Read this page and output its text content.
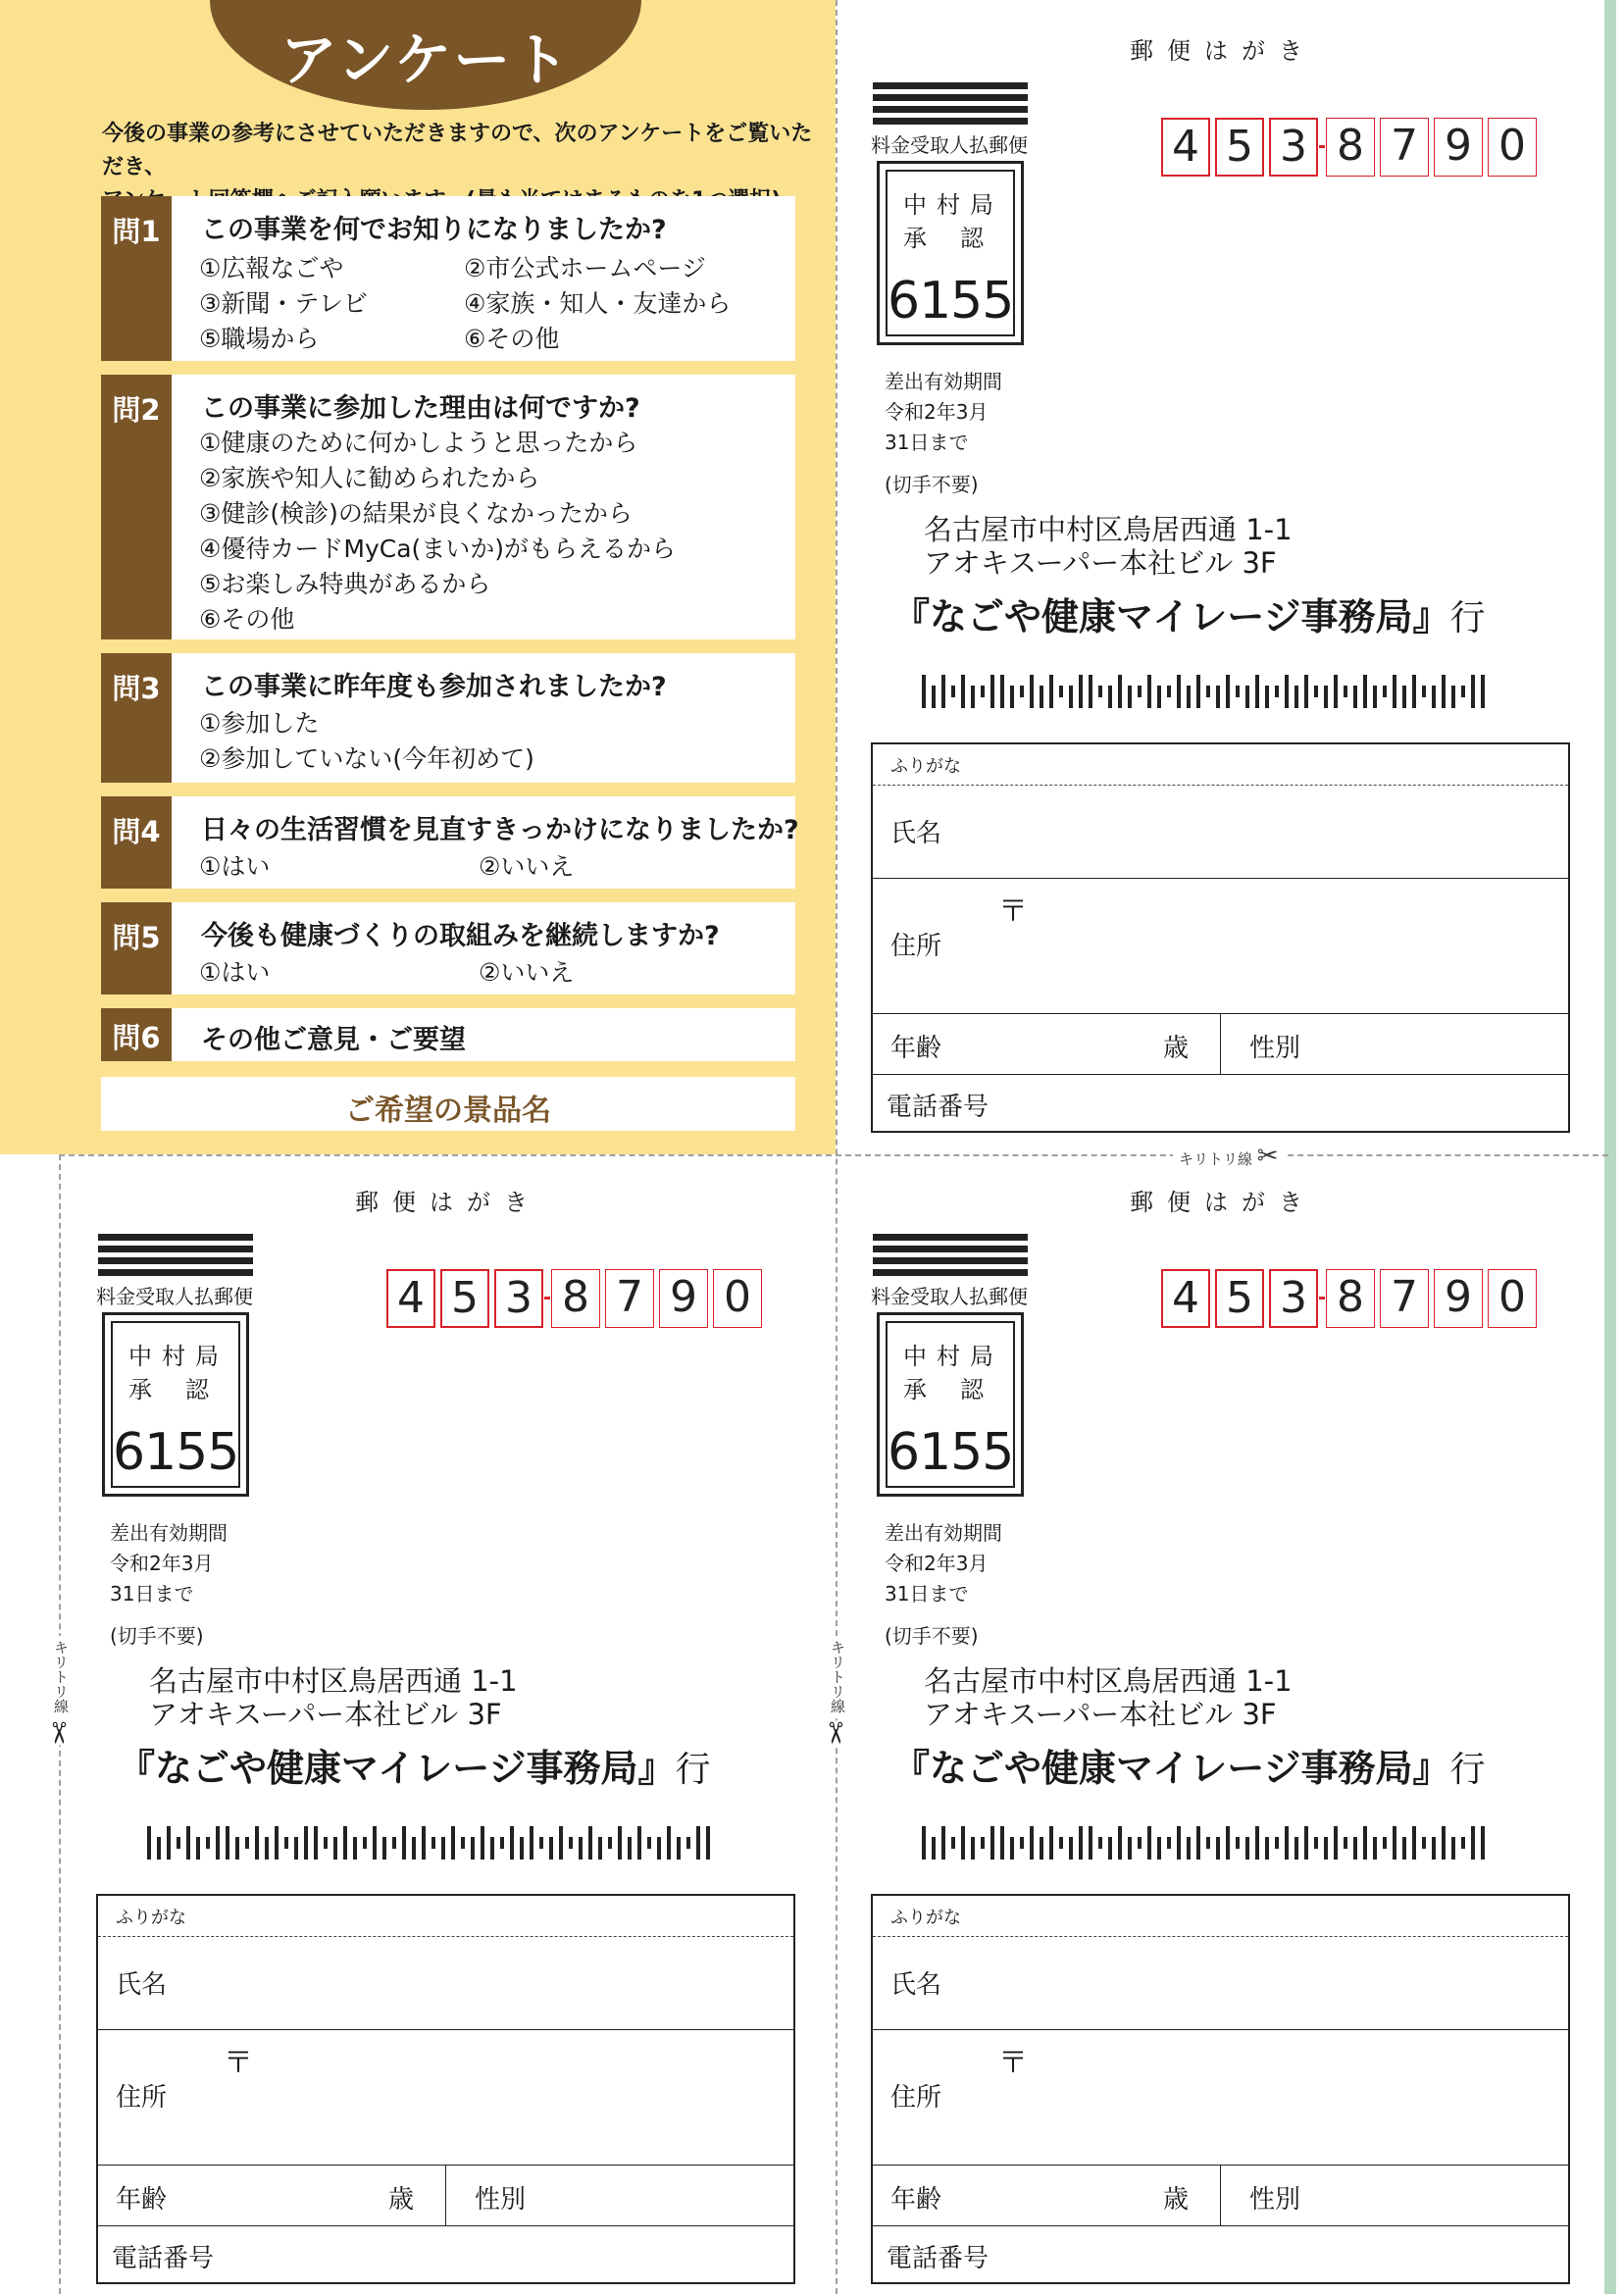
アンケート
今後の事業の参考にさせていただきますので、次のアンケートをご覧いただき、
問1	この事業を何でお知りになりましたか?
①広報なごや	②市公式ホームページ
③新聞・テレビ	④家族・知人・友達から
⑤職場から	⑥その他
問2	この事業に参加した理由は何ですか?
①健康のために何かしようと思ったから
②家族や知人に勧められたから
③健診(検診)の結果が良くなかったから
④優待カードMyCa(まいか)がもらえるから
⑤お楽しみ特典があるから
⑥その他
問3	この事業に昨年度も参加されましたか?
①参加した
②参加していない(今年初めて)
問4	日々の生活習慣を見直すきっかけになりましたか?
①はい	②いいえ
問5	今後も健康づくりの取組みを継続しますか?
①はい	②いいえ
問6	その他ご意見・ご要望
ご希望の景品名
キリトリ線 ✂
キリトリ線
✂
キリトリ線
✂
郵便はがき
料金受取人払郵便
中村局
承認
6155
差出有効期間
令和2年3月
31日まで
(切手不要)
4 5 3 8 7 9 0
名古屋市中村区鳥居西通 1-1
アオキスーパー本社ビル 3F
『なごや健康マイレージ事務局』行
ふりがな
氏名
〒
住所
年齢	歳 性別
電話番号
郵便はがき
料金受取人払郵便
中村局
承認
6155
差出有効期間
令和2年3月
31日まで
(切手不要)
4 5 3 8 7 9 0
名古屋市中村区鳥居西通 1-1
アオキスーパー本社ビル 3F
『なごや健康マイレージ事務局』行
ふりがな
氏名
〒
住所
年齢	歳 性別
電話番号
郵便はがき
料金受取人払郵便
中村局
承認
6155
差出有効期間
令和2年3月
31日まで
(切手不要)
4 5 3 8 7 9 0
名古屋市中村区鳥居西通 1-1
アオキスーパー本社ビル 3F
『なごや健康マイレージ事務局』行
ふりがな
氏名
〒
住所
年齢	歳 性別
電話番号
